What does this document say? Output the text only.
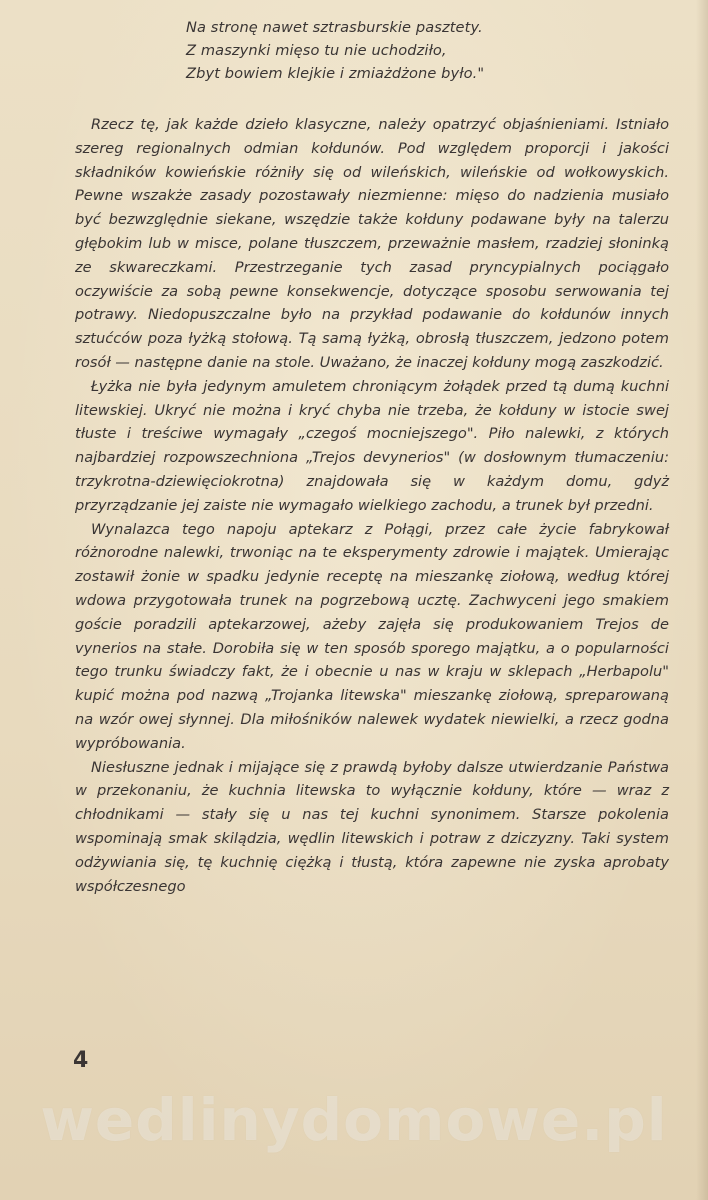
Na stronę nawet sztrasburskie pasztety.
Z maszynki mięso tu nie uchodziło,
Zbyt bowiem klejkie i zmiażdżone było."

Rzecz tę, jak każde dzieło klasyczne, należy opatrzyć objaśnieniami. Istniało szereg regionalnych odmian kołdunów. Pod względem proporcji i jakości składników kowieńskie różniły się od wileńskich, wileńskie od wołkowyskich. Pewne wszakże zasady pozostawały niezmienne: mięso do nadzienia musiało być bezwzględnie siekane, wszędzie także kołduny podawane były na talerzu głębokim lub w misce, polane tłuszczem, przeważnie masłem, rzadziej słoninką ze skwareczkami. Przestrzeganie tych zasad pryncypialnych pociągało oczywiście za sobą pewne konsekwencje, dotyczące sposobu serwowania tej potrawy. Niedopuszczalne było na przykład podawanie do kołdunów innych sztućców poza łyżką stołową. Tą samą łyżką, obrosłą tłuszczem, jedzono potem rosół — następne danie na stole. Uważano, że inaczej kołduny mogą zaszkodzić.

Łyżka nie była jedynym amuletem chroniącym żołądek przed tą dumą kuchni litewskiej. Ukryć nie można i kryć chyba nie trzeba, że kołduny w istocie swej tłuste i treściwe wymagały „czegoś mocniejszego". Piło nalewki, z których najbardziej rozpowszechniona „Trejos devynerios" (w dosłownym tłumaczeniu: trzykrotna-dziewięciokrotna) znajdowała się w każdym domu, gdyż przyrządzanie jej zaiste nie wymagało wielkiego zachodu, a trunek był przedni.

Wynalazca tego napoju aptekarz z Połągi, przez całe życie fabrykował różnorodne nalewki, trwoniąc na te eksperymenty zdrowie i majątek. Umierając zostawił żonie w spadku jedynie receptę na mieszankę ziołową, według której wdowa przygotowała trunek na pogrzebową ucztę. Zachwyceni jego smakiem goście poradzili aptekarzowej, ażeby zajęła się produkowaniem Trejos de vynerios na stałe. Dorobiła się w ten sposób sporego majątku, a o popularności tego trunku świadczy fakt, że i obecnie u nas w kraju w sklepach „Herbapolu" kupić można pod nazwą „Trojanka litewska" mieszankę ziołową, spreparowaną na wzór owej słynnej. Dla miłośników nalewek wydatek niewielki, a rzecz godna wypróbowania.

Niesłuszne jednak i mijające się z prawdą byłoby dalsze utwierdzanie Państwa w przekonaniu, że kuchnia litewska to wyłącznie kołduny, które — wraz z chłodnikami — stały się u nas tej kuchni synonimem. Starsze pokolenia wspominają smak skilądzia, wędlin litewskich i potraw z dziczyzny. Taki system odżywiania się, tę kuchnię ciężką i tłustą, która zapewne nie zyska aprobaty współczesnego

4
wedlinydomowe.pl
